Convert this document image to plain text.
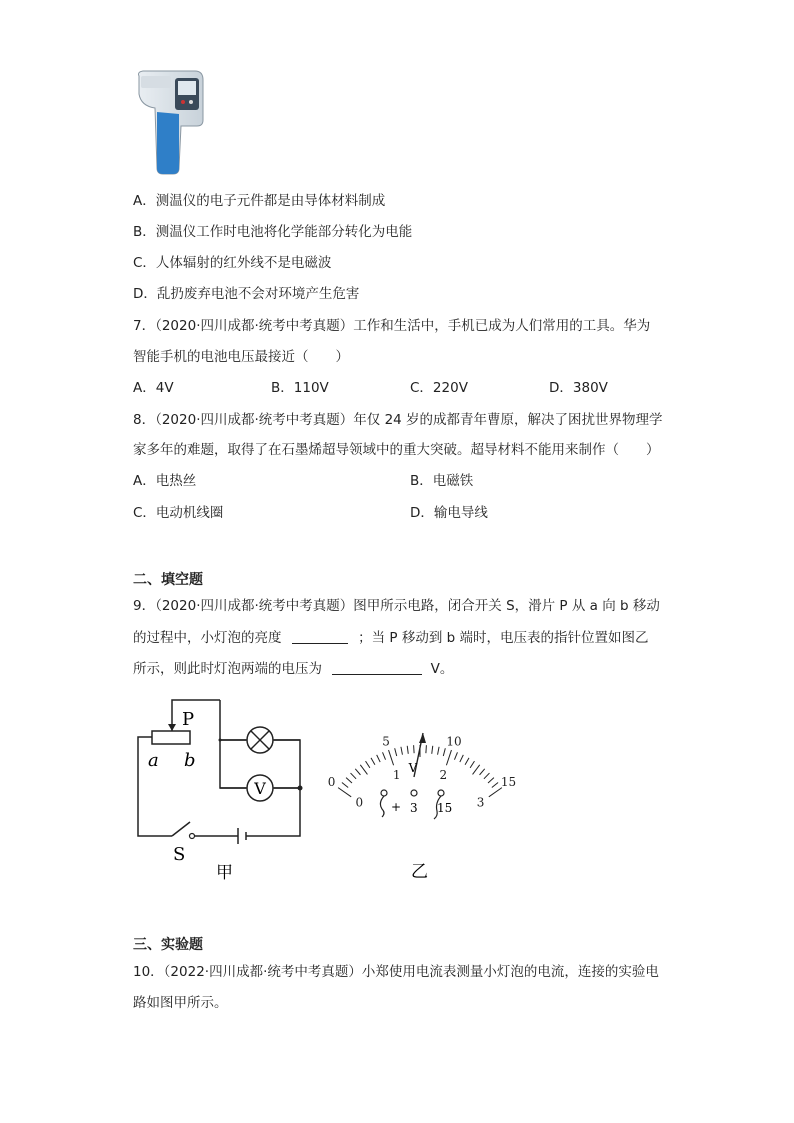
A．测温仪的电子元件都是由导体材料制成
B．测温仪工作时电池将化学能部分转化为电能
C．人体辐射的红外线不是电磁波
D．乱扔废弃电池不会对环境产生危害
7．（2020·四川成都·统考中考真题）工作和生活中，手机已成为人们常用的工具。华为
智能手机的电池电压最接近（　　）
A．4V	B．110V	C．220V	D．380V
8．（2020·四川成都·统考中考真题）年仅 24 岁的成都青年曹原，解决了困扰世界物理学
家多年的难题，取得了在石墨烯超导领域中的重大突破。超导材料不能用来制作（　　）
A．电热丝	B．电磁铁
C．电动机线圈	D．输电导线
二、填空题
9．（2020·四川成都·统考中考真题）图甲所示电路，闭合开关 S，滑片 P 从 a 向 b 移动
的过程中，小灯泡的亮度	；当 P 移动到 b 端时，电压表的指针位置如图乙
所示，则此时灯泡两端的电压为	V。
V
P
a b
S
甲
0
5	10
15
0
1	2
3
V
+ 3 15
乙
三、实验题
10．（2022·四川成都·统考中考真题）小郑使用电流表测量小灯泡的电流，连接的实验电
路如图甲所示。
